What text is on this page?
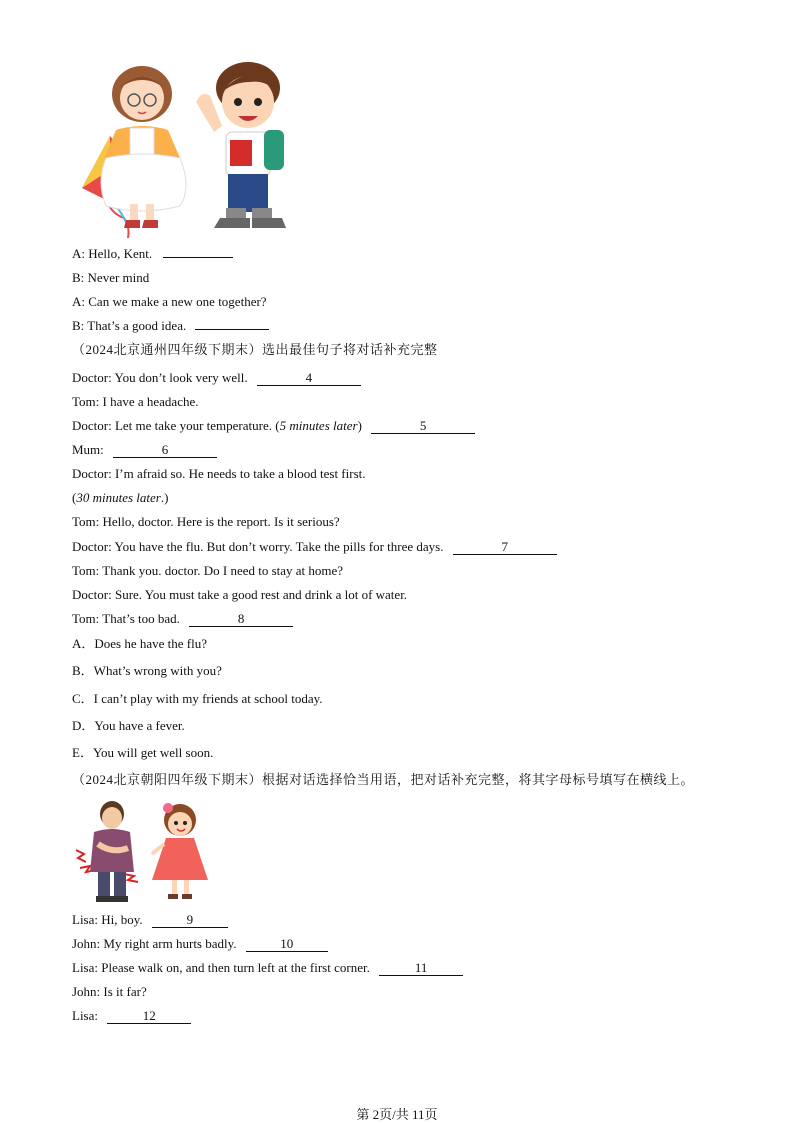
A: Hello, Kent.
B: Never mind
A: Can we make a new one together?
B: That’s a good idea.
（2024北京通州四年级下期末）选出最佳句子将对话补充完整
Doctor: You don’t look very well.	4
Tom: I have a headache.
Doctor: Let me take your temperature. (5 minutes later)	5
Mum:	6
Doctor: I’m afraid so. He needs to take a blood test first.
(30 minutes later.)
Tom: Hello, doctor. Here is the report. Is it serious?
Doctor: You have the flu. But don’t worry. Take the pills for three days.	7
Tom: Thank you. doctor. Do I need to stay at home?
Doctor: Sure. You must take a good rest and drink a lot of water.
Tom: That’s too bad.	8
A．Does he have the flu?
B．What’s wrong with you?
C．I can’t play with my friends at school today.
D．You have a fever.
E．You will get well soon.
（2024北京朝阳四年级下期末）根据对话选择恰当用语，把对话补充完整，将其字母标号填写在横线上。
Lisa: Hi, boy.	9
John: My right arm hurts badly.	10
Lisa: Please walk on, and then turn left at the first corner.	11
John: Is it far?
Lisa:	12
第 2页/共 11页
